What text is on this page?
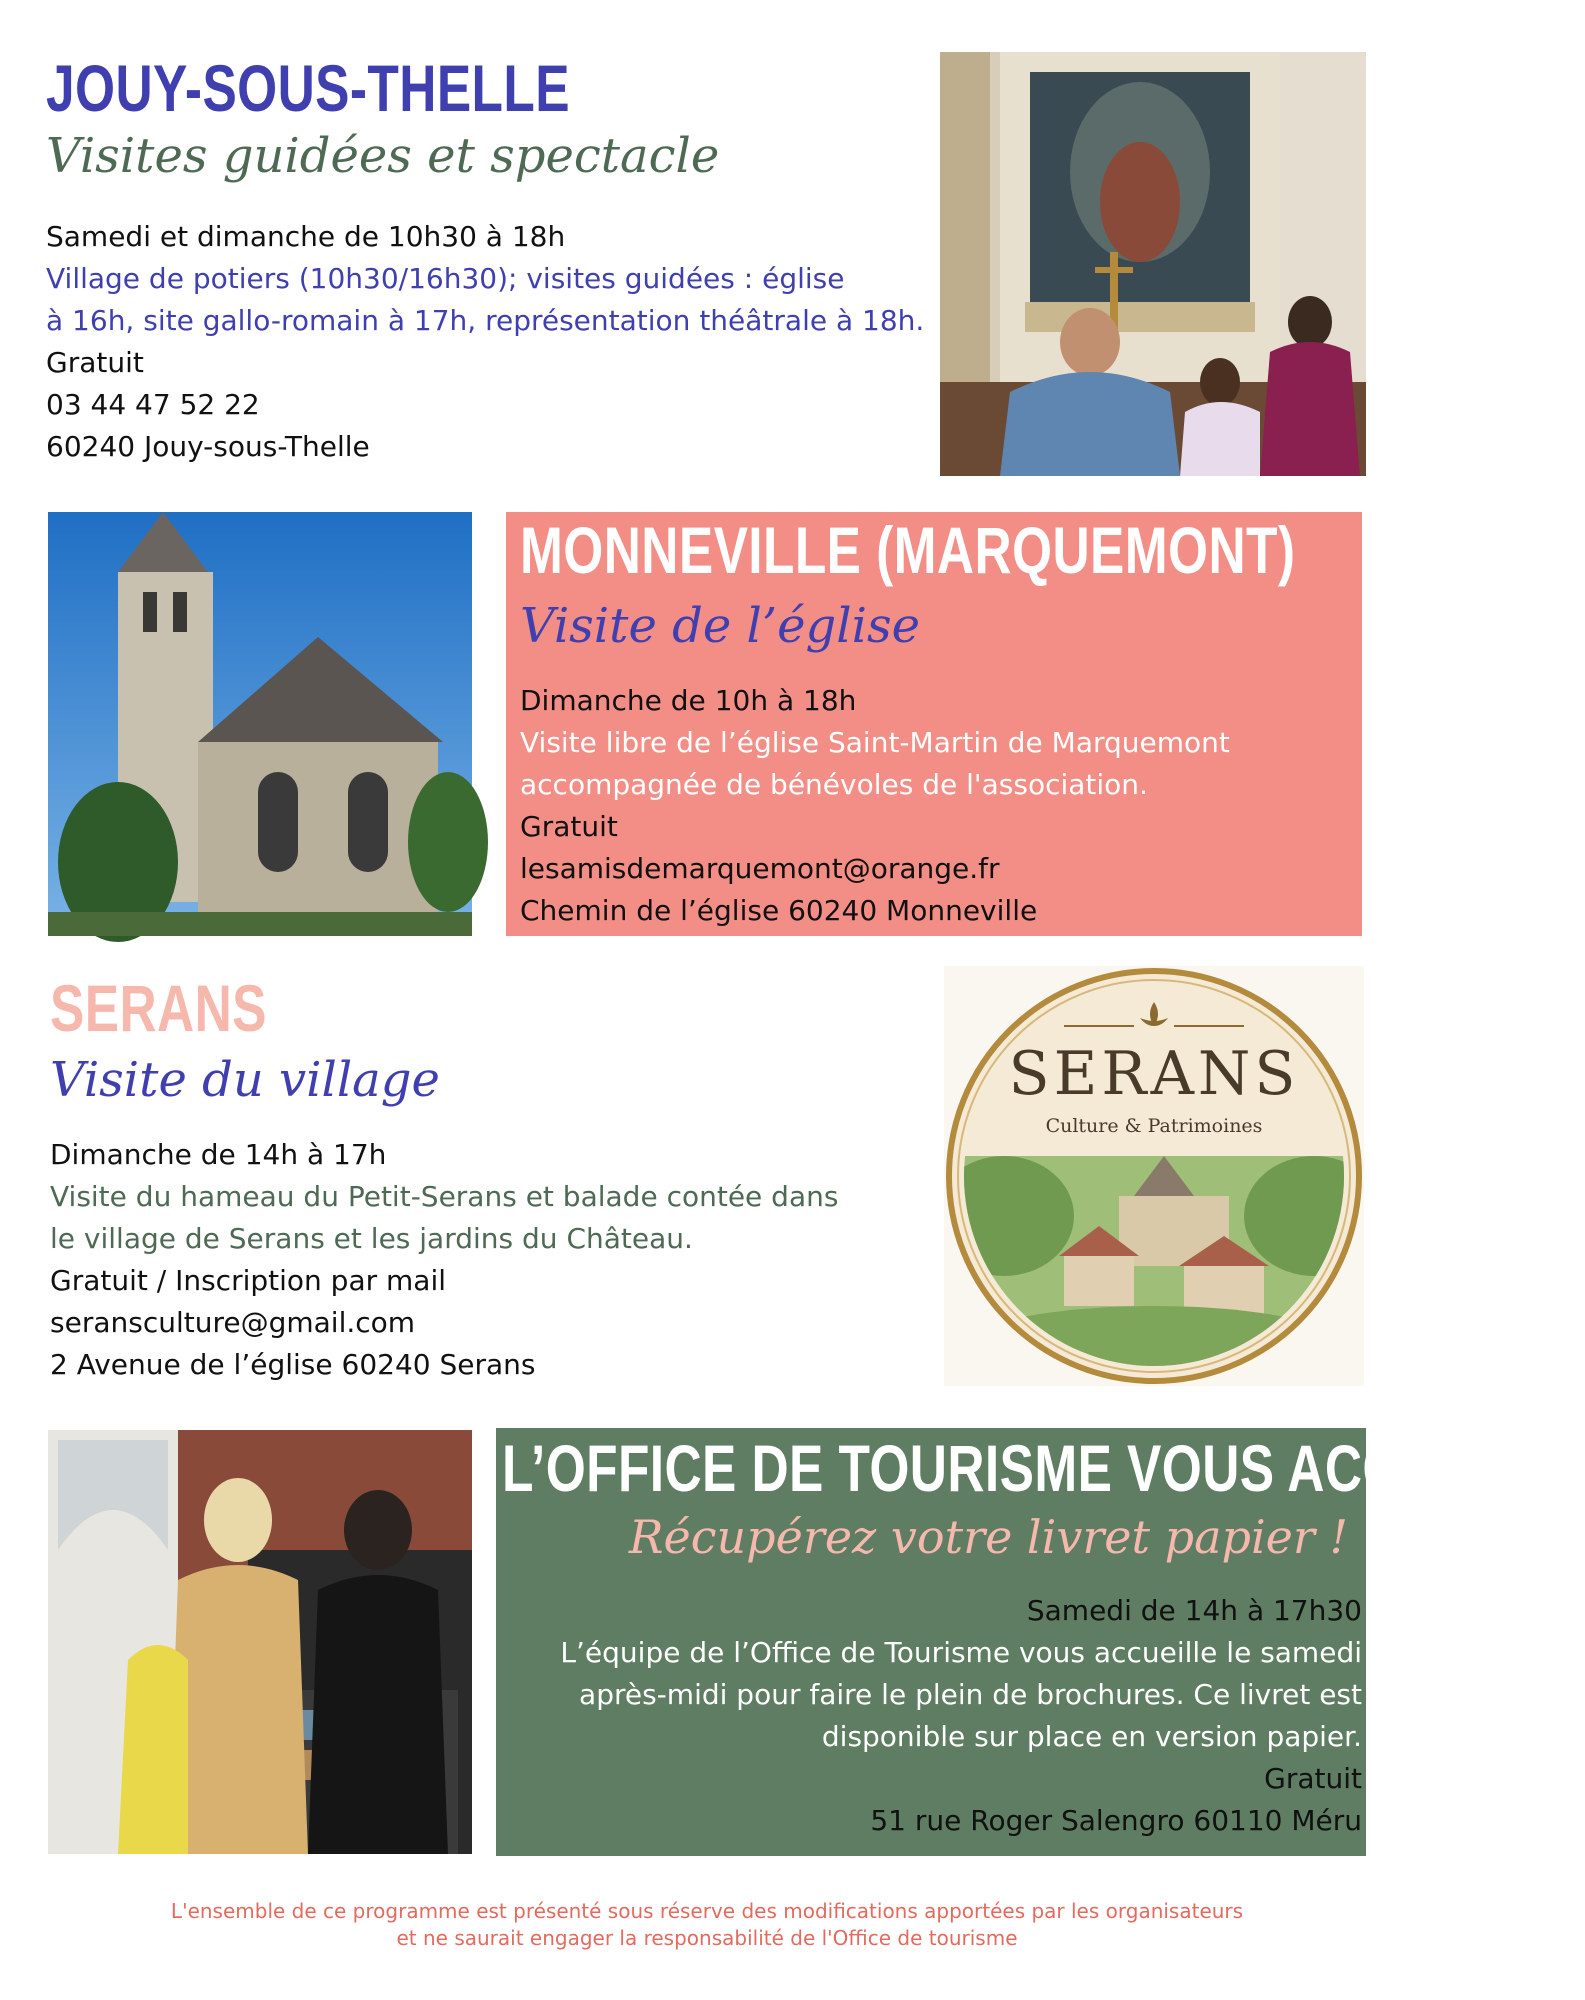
JOUY-SOUS-THELLE
Visites guidées et spectacle
Samedi et dimanche de 10h30 à 18h
Village de potiers (10h30/16h30); visites guidées : église
à 16h, site gallo-romain à 17h, représentation théâtrale à 18h.
Gratuit
03 44 47 52 22
60240 Jouy-sous-Thelle
MONNEVILLE (MARQUEMONT)
Visite de l’église
Dimanche de 10h à 18h
Visite libre de l’église Saint-Martin de Marquemont
accompagnée de bénévoles de l'association.
Gratuit
lesamisdemarquemont@orange.fr
Chemin de l’église 60240 Monneville
SERANS
Visite du village
Dimanche de 14h à 17h
Visite du hameau du Petit-Serans et balade contée dans
le village de Serans et les jardins du Château.
Gratuit / Inscription par mail
seransculture@gmail.com
2 Avenue de l’église 60240 Serans
SERANS
Culture & Patrimoines
L’OFFICE DE TOURISME VOUS ACCUEILLE
Récupérez votre livret papier !
Samedi de 14h à 17h30
L’équipe de l’Office de Tourisme vous accueille le samedi
après-midi pour faire le plein de brochures. Ce livret est
disponible sur place en version papier.
Gratuit
51 rue Roger Salengro 60110 Méru
L'ensemble de ce programme est présenté sous réserve des modifications apportées par les organisateurs
et ne saurait engager la responsabilité de l'Office de tourisme
